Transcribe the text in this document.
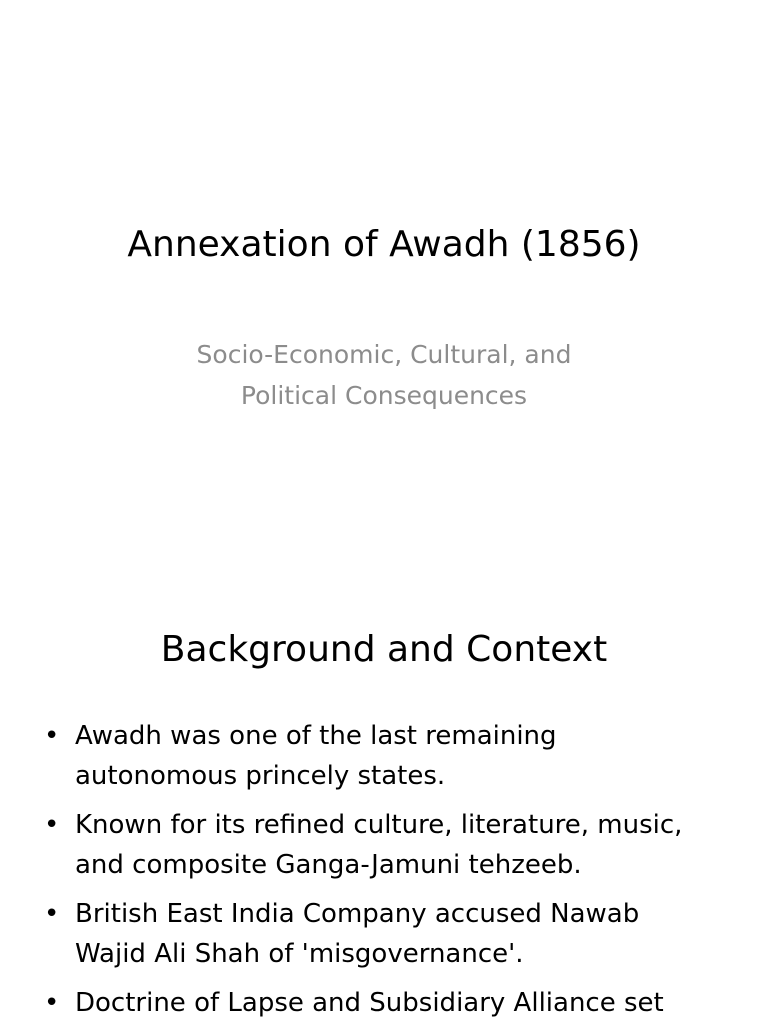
Annexation of Awadh (1856)
Socio-Economic, Cultural, and
Political Consequences
Background and Context
• Awadh was one of the last remaining
autonomous princely states.
• Known for its refined culture, literature, music,
and composite Ganga-Jamuni tehzeeb.
• British East India Company accused Nawab
Wajid Ali Shah of 'misgovernance'.
• Doctrine of Lapse and Subsidiary Alliance set
